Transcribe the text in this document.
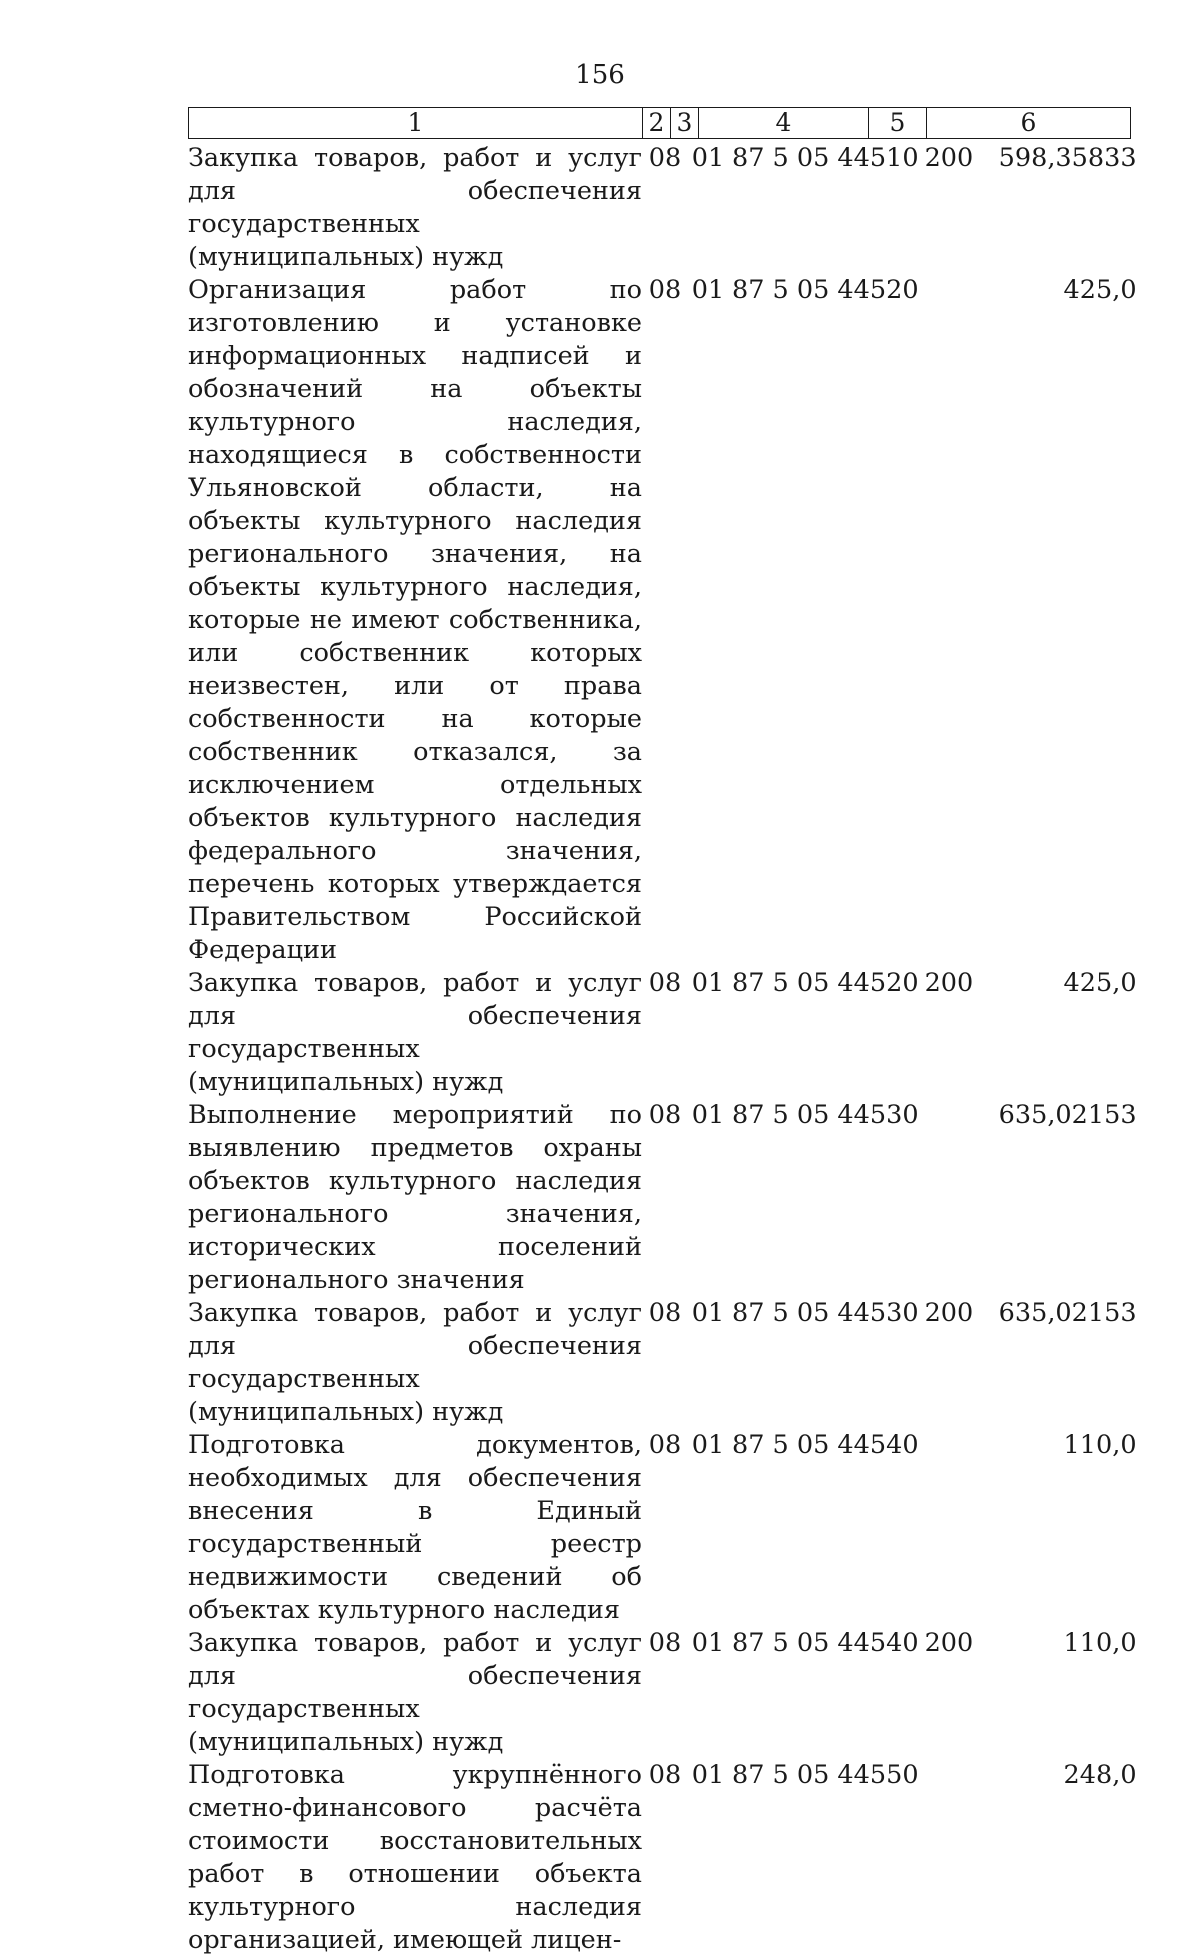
156
1	2	3	4	5	6
Закупка товаров, работ и услуг для обеспечения государственных (муниципальных) нужд	08	01	87 5 05 44510	200	598,35833
Организация работ по изготовлению и установке информационных надписей и обозначений на объекты культурного наследия, находящиеся в собственности Ульяновской области, на объекты культурного наследия регионального значения, на объекты культурного наследия, которые не имеют собственника, или собственник которых неизвестен, или от права собственности на которые собственник отказался, за исключением отдельных объектов культурного наследия федерального значения, перечень которых утверждается Правительством Российской Федерации	08	01	87 5 05 44520		425,0
Закупка товаров, работ и услуг для обеспечения государственных (муниципальных) нужд	08	01	87 5 05 44520	200	425,0
Выполнение мероприятий по выявлению предметов охраны объектов культурного наследия регионального значения, исторических поселений регионального значения	08	01	87 5 05 44530		635,02153
Закупка товаров, работ и услуг для обеспечения государственных (муниципальных) нужд	08	01	87 5 05 44530	200	635,02153
Подготовка документов, необходимых для обеспечения внесения в Единый государственный реестр недвижимости сведений об объектах культурного наследия	08	01	87 5 05 44540		110,0
Закупка товаров, работ и услуг для обеспечения государственных (муниципальных) нужд	08	01	87 5 05 44540	200	110,0
Подготовка укрупнённого сметно-финансового расчёта стоимости восстановительных работ в отношении объекта культурного наследия организацией, имеющей лицен-	08	01	87 5 05 44550		248,0
